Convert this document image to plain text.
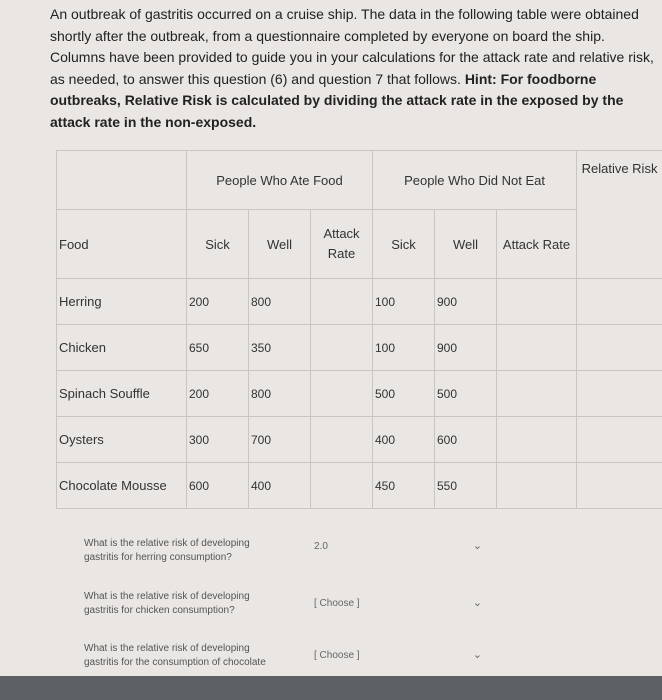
An outbreak of gastritis occurred on a cruise ship. The data in the following table were obtained shortly after the outbreak, from a questionnaire completed by everyone on board the ship. Columns have been provided to guide you in your calculations for the attack rate and relative risk, as needed, to answer this question (6) and question 7 that follows. Hint: For foodborne outbreaks, Relative Risk is calculated by dividing the attack rate in the exposed by the attack rate in the non-exposed.
	People Who Ate Food			People Who Did Not Eat			Relative Risk
Food	Sick	Well	Attack Rate	Sick	Well	Attack Rate	
Herring	200	800		100	900		
Chicken	650	350		100	900		
Spinach Souffle	200	800		500	500		
Oysters	300	700		400	600		
Chocolate Mousse	600	400		450	550		
What is the relative risk of developing gastritis for herring consumption?
2.0	⌄
What is the relative risk of developing gastritis for chicken consumption?
[ Choose ]	⌄
What is the relative risk of developing gastritis for the consumption of chocolate
[ Choose ]	⌄
